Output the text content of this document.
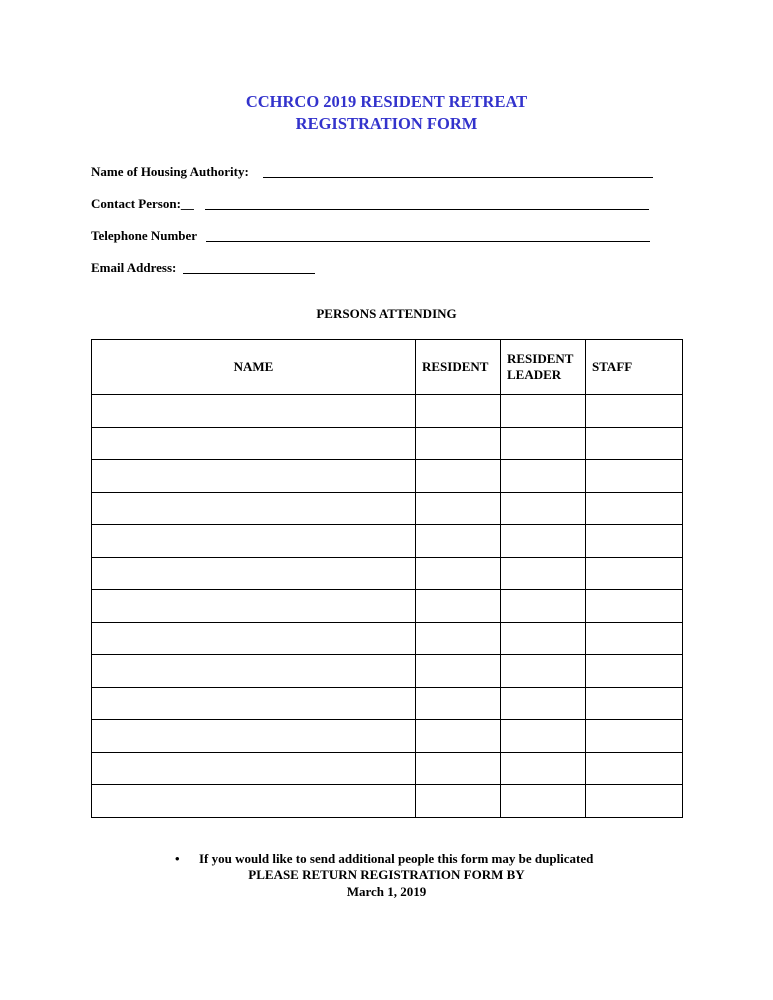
CCHRCO 2019 RESIDENT RETREAT
REGISTRATION FORM
Name of Housing Authority:
Contact Person:__
Telephone Number
Email Address:
PERSONS ATTENDING
NAME	RESIDENT	RESIDENT LEADER	STAFF

• If you would like to send additional people this form may be duplicated
PLEASE RETURN REGISTRATION FORM BY
March 1, 2019
